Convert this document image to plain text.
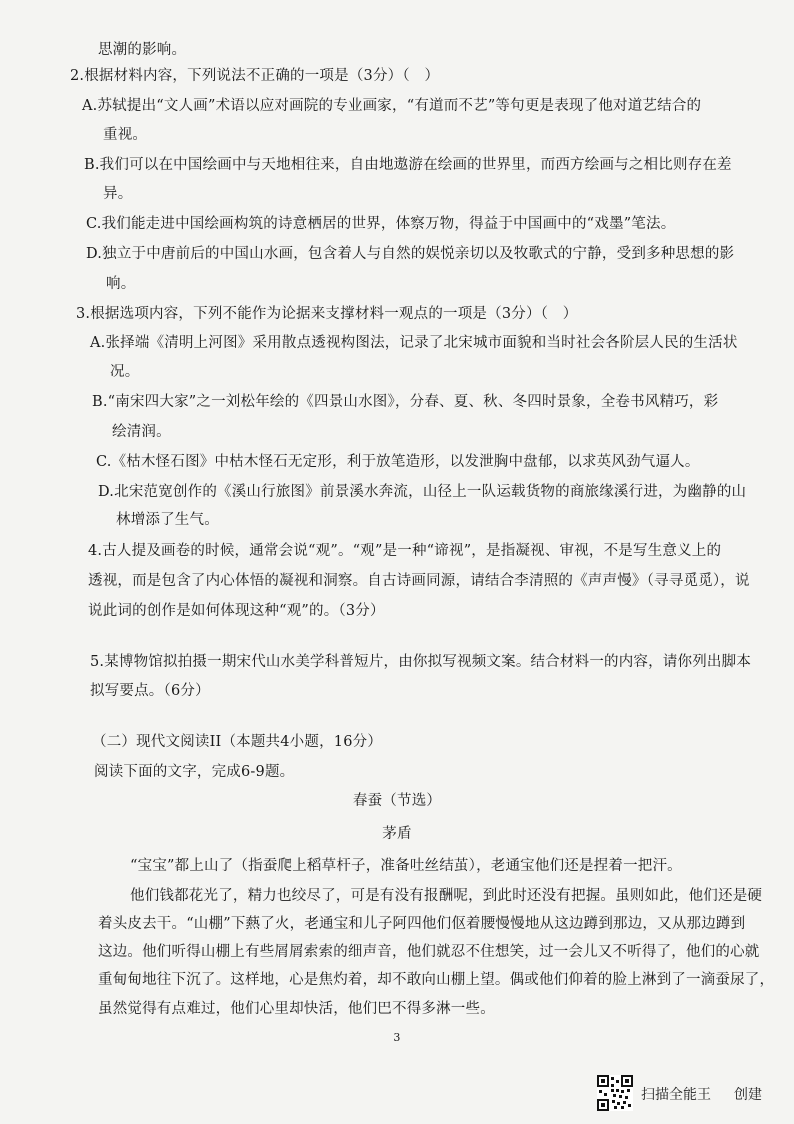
思潮的影响。
2.根据材料内容，下列说法不正确的一项是（3分）（　）
A.苏轼提出“文人画”术语以应对画院的专业画家，“有道而不艺”等句更是表现了他对道艺结合的
重视。
B.我们可以在中国绘画中与天地相往来，自由地遨游在绘画的世界里，而西方绘画与之相比则存在差
异。
C.我们能走进中国绘画构筑的诗意栖居的世界，体察万物，得益于中国画中的“戏墨”笔法。
D.独立于中唐前后的中国山水画，包含着人与自然的娱悦亲切以及牧歌式的宁静，受到多种思想的影
响。
3.根据选项内容，下列不能作为论据来支撑材料一观点的一项是（3分）（　）
A.张择端《清明上河图》采用散点透视构图法，记录了北宋城市面貌和当时社会各阶层人民的生活状
况。
B.“南宋四大家”之一刘松年绘的《四景山水图》，分春、夏、秋、冬四时景象，全卷书风精巧，彩
绘清润。
C.《枯木怪石图》中枯木怪石无定形，利于放笔造形，以发泄胸中盘郁，以求英风劲气逼人。
D.北宋范宽创作的《溪山行旅图》前景溪水奔流，山径上一队运载货物的商旅缘溪行进，为幽静的山
林增添了生气。
4.古人提及画卷的时候，通常会说“观”。“观”是一种“谛视”，是指凝视、审视，不是写生意义上的
透视，而是包含了内心体悟的凝视和洞察。自古诗画同源，请结合李清照的《声声慢》（寻寻觅觅），说
说此词的创作是如何体现这种“观”的。（3分）
5.某博物馆拟拍摄一期宋代山水美学科普短片，由你拟写视频文案。结合材料一的内容，请你列出脚本
拟写要点。（6分）
（二）现代文阅读II（本题共4小题，16分）
阅读下面的文字，完成6-9题。
春蚕（节选）
茅盾
“宝宝”都上山了（指蚕爬上稻草杆子，准备吐丝结茧），老通宝他们还是捏着一把汗。
他们钱都花光了，精力也绞尽了，可是有没有报酬呢，到此时还没有把握。虽则如此，他们还是硬
着头皮去干。“山棚”下爇了火，老通宝和儿子阿四他们伛着腰慢慢地从这边蹲到那边，又从那边蹲到
这边。他们听得山棚上有些屑屑索索的细声音，他们就忍不住想笑，过一会儿又不听得了，他们的心就
重甸甸地往下沉了。这样地，心是焦灼着，却不敢向山棚上望。偶或他们仰着的脸上淋到了一滴蚕尿了，
虽然觉得有点难过，他们心里却快活，他们巴不得多淋一些。
3
扫描全能王 创建
